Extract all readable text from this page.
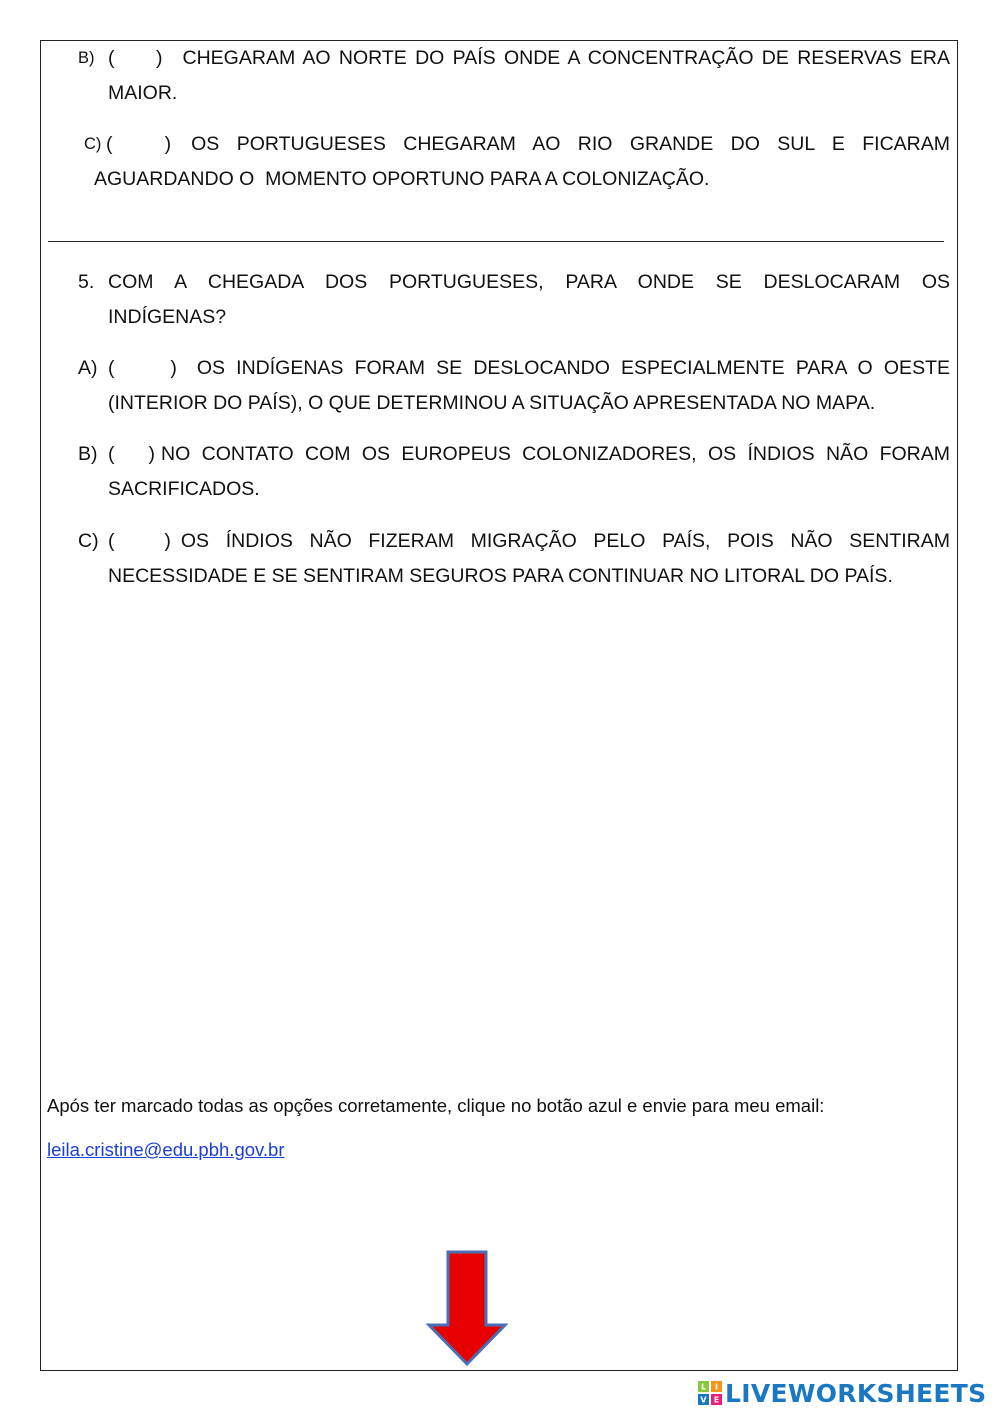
B) (     ) CHEGARAM AO NORTE DO PAÍS ONDE A CONCENTRAÇÃO DE RESERVAS ERA
MAIOR.
C) (   ) OS PORTUGUESES CHEGARAM AO RIO GRANDE DO SUL E FICARAM
AGUARDANDO O  MOMENTO OPORTUNO PARA A COLONIZAÇÃO.
5. COM A CHEGADA DOS PORTUGUESES, PARA ONDE SE DESLOCARAM OS
INDÍGENAS?
A) (     ) OS INDÍGENAS FORAM SE DESLOCANDO ESPECIALMENTE PARA O OESTE
(INTERIOR DO PAÍS), O QUE DETERMINOU A SITUAÇÃO APRESENTADA NO MAPA.
B) (   ) NO CONTATO COM OS EUROPEUS COLONIZADORES, OS ÍNDIOS NÃO FORAM
SACRIFICADOS.
C) (   ) OS ÍNDIOS NÃO FIZERAM MIGRAÇÃO PELO PAÍS, POIS NÃO SENTIRAM
NECESSIDADE E SE SENTIRAM SEGUROS PARA CONTINUAR NO LITORAL DO PAÍS.
Após ter marcado todas as opções corretamente, clique no botão azul e envie para meu email:
leila.cristine@edu.pbh.gov.br
L I
V E LIVEWORKSHEETS
